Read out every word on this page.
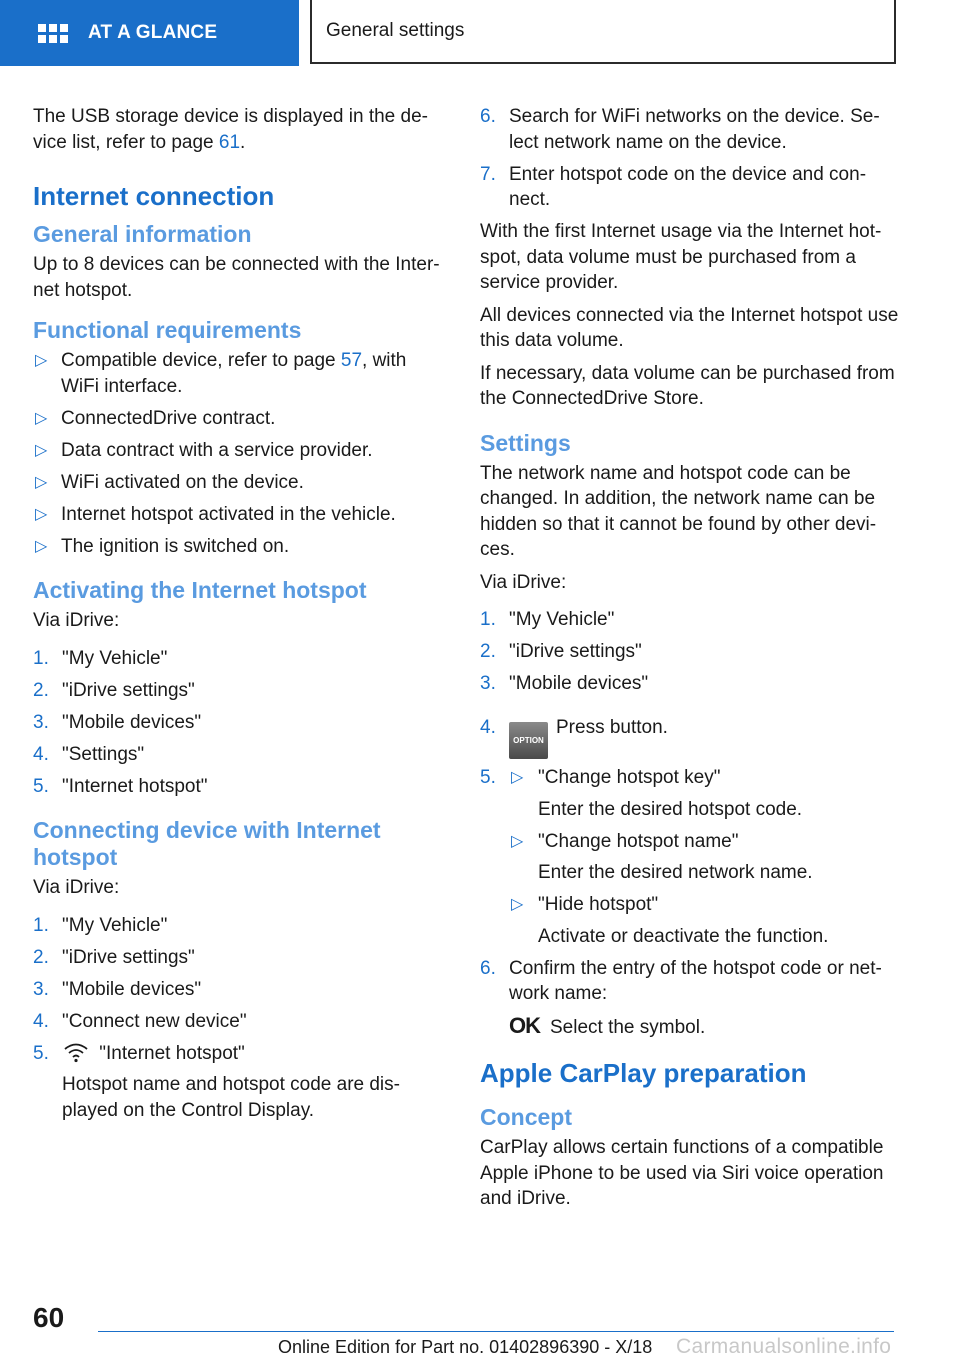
AT A GLANCE	General settings

The USB storage device is displayed in the de‐vice list, refer to page 61.

Internet connection
General information

Up to 8 devices can be connected with the Inter‐net hotspot.

Functional requirements
▷ Compatible device, refer to page 57, with WiFi interface.
▷ ConnectedDrive contract.
▷ Data contract with a service provider.
▷ WiFi activated on the device.
▷ Internet hotspot activated in the vehicle.
▷ The ignition is switched on.
Activating the Internet hotspot

Via iDrive:

1. "My Vehicle"
2. "iDrive settings"
3. "Mobile devices"
4. "Settings"
5. "Internet hotspot"
Connecting device with Internet hotspot

Via iDrive:

1. "My Vehicle"
2. "iDrive settings"
3. "Mobile devices"
4. "Connect new device"
5.	"Internet hotspot"
Hotspot name and hotspot code are dis‐played on the Control Display.
6. Search for WiFi networks on the device. Se‐lect network name on the device.
7. Enter hotspot code on the device and con‐nect.

With the first Internet usage via the Internet hot‐spot, data volume must be purchased from a service provider.

All devices connected via the Internet hotspot use this data volume.

If necessary, data volume can be purchased from the ConnectedDrive Store.

Settings

The network name and hotspot code can be changed. In addition, the network name can be hidden so that it cannot be found by other devi‐ces.

Via iDrive:

1. "My Vehicle"
2. "iDrive settings"
3. "Mobile devices"
4.
OPTIONPress button.
5. ▷ "Change hotspot key"
Enter the desired hotspot code.
▷ "Change hotspot name"
Enter the desired network name.
▷ "Hide hotspot"
Activate or deactivate the function.
6. Confirm the entry of the hotspot code or net‐work name:
OK Select the symbol.
Apple CarPlay preparation
Concept

CarPlay allows certain functions of a compatible Apple iPhone to be used via Siri voice operation and iDrive.

60
Online Edition for Part no. 01402896390 - X/18 Carmanualsonline.info
